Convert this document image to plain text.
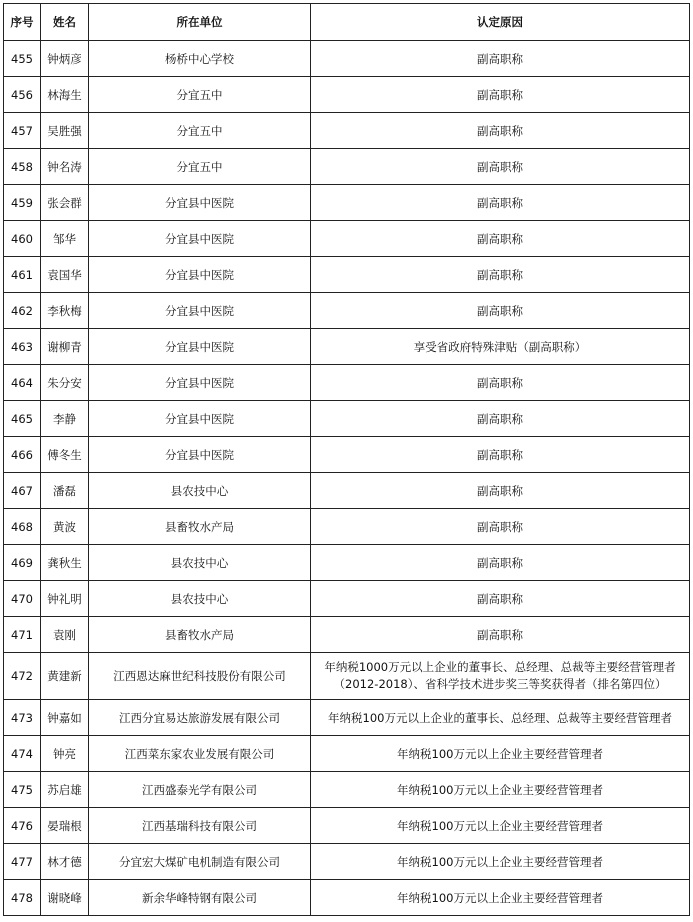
序号	姓名	所在单位	认定原因
455	钟炳彦	杨桥中心学校	副高职称
456	林海生	分宜五中	副高职称
457	吴胜强	分宜五中	副高职称
458	钟名涛	分宜五中	副高职称
459	张会群	分宜县中医院	副高职称
460	邹华	分宜县中医院	副高职称
461	袁国华	分宜县中医院	副高职称
462	李秋梅	分宜县中医院	副高职称
463	谢柳青	分宜县中医院	享受省政府特殊津贴（副高职称）
464	朱分安	分宜县中医院	副高职称
465	李静	分宜县中医院	副高职称
466	傅冬生	分宜县中医院	副高职称
467	潘磊	县农技中心	副高职称
468	黄波	县畜牧水产局	副高职称
469	龚秋生	县农技中心	副高职称
470	钟礼明	县农技中心	副高职称
471	袁刚	县畜牧水产局	副高职称
472	黄建新	江西恩达麻世纪科技股份有限公司	年纳税1000万元以上企业的董事长、总经理、总裁等主要经营管理者（2012-2018）、省科学技术进步奖三等奖获得者（排名第四位）
473	钟嘉如	江西分宜易达旅游发展有限公司	年纳税100万元以上企业的董事长、总经理、总裁等主要经营管理者
474	钟亮	江西菜东家农业发展有限公司	年纳税100万元以上企业主要经营管理者
475	苏启雄	江西盛泰光学有限公司	年纳税100万元以上企业主要经营管理者
476	晏瑞根	江西基瑞科技有限公司	年纳税100万元以上企业主要经营管理者
477	林才德	分宜宏大煤矿电机制造有限公司	年纳税100万元以上企业主要经营管理者
478	谢晓峰	新余华峰特钢有限公司	年纳税100万元以上企业主要经营管理者
